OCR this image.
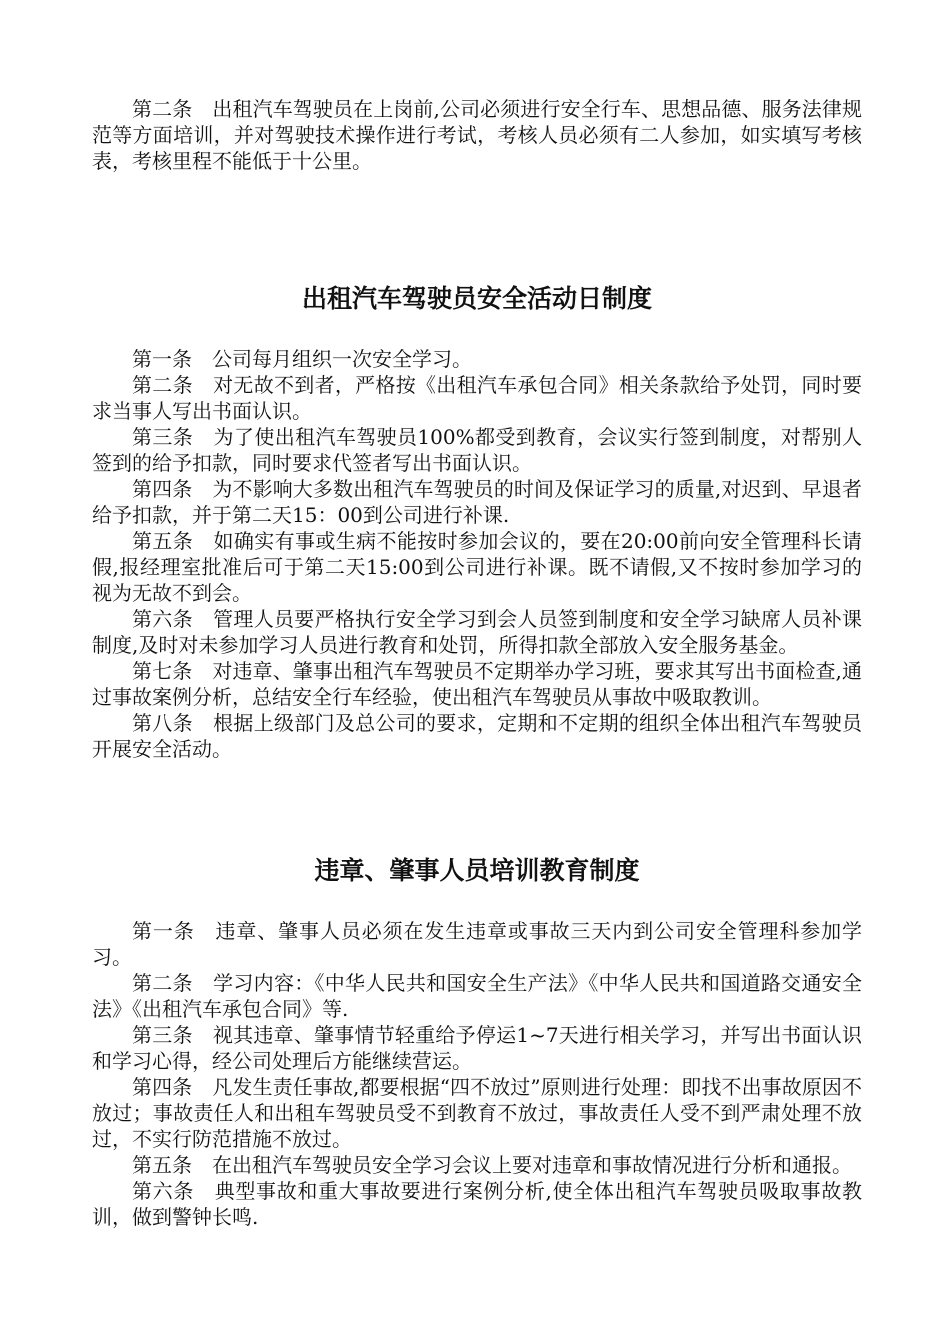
第二条　出租汽车驾驶员在上岗前,公司必须进行安全行车、思想品德、服务法律规范等方面培训，并对驾驶技术操作进行考试，考核人员必须有二人参加，如实填写考核表，考核里程不能低于十公里。

出租汽车驾驶员安全活动日制度

第一条　公司每月组织一次安全学习。

第二条　对无故不到者，严格按《出租汽车承包合同》相关条款给予处罚，同时要求当事人写出书面认识。

第三条　为了使出租汽车驾驶员100%都受到教育，会议实行签到制度，对帮别人签到的给予扣款，同时要求代签者写出书面认识。

第四条　为不影响大多数出租汽车驾驶员的时间及保证学习的质量,对迟到、早退者给予扣款，并于第二天15：00到公司进行补课.

第五条　如确实有事或生病不能按时参加会议的，要在20:00前向安全管理科长请假,报经理室批准后可于第二天15:00到公司进行补课。既不请假,又不按时参加学习的视为无故不到会。

第六条　管理人员要严格执行安全学习到会人员签到制度和安全学习缺席人员补课制度,及时对未参加学习人员进行教育和处罚，所得扣款全部放入安全服务基金。

第七条　对违章、肇事出租汽车驾驶员不定期举办学习班，要求其写出书面检查,通过事故案例分析，总结安全行车经验，使出租汽车驾驶员从事故中吸取教训。

第八条　根据上级部门及总公司的要求，定期和不定期的组织全体出租汽车驾驶员开展安全活动。

违章、肇事人员培训教育制度

第一条　违章、肇事人员必须在发生违章或事故三天内到公司安全管理科参加学习。

第二条　学习内容：《中华人民共和国安全生产法》《中华人民共和国道路交通安全法》《出租汽车承包合同》等.

第三条　视其违章、肇事情节轻重给予停运1~7天进行相关学习，并写出书面认识和学习心得，经公司处理后方能继续营运。

第四条　凡发生责任事故,都要根据“四不放过”原则进行处理：即找不出事故原因不放过；事故责任人和出租车驾驶员受不到教育不放过，事故责任人受不到严肃处理不放过，不实行防范措施不放过。

第五条　在出租汽车驾驶员安全学习会议上要对违章和事故情况进行分析和通报。

第六条　典型事故和重大事故要进行案例分析,使全体出租汽车驾驶员吸取事故教训，做到警钟长鸣.
